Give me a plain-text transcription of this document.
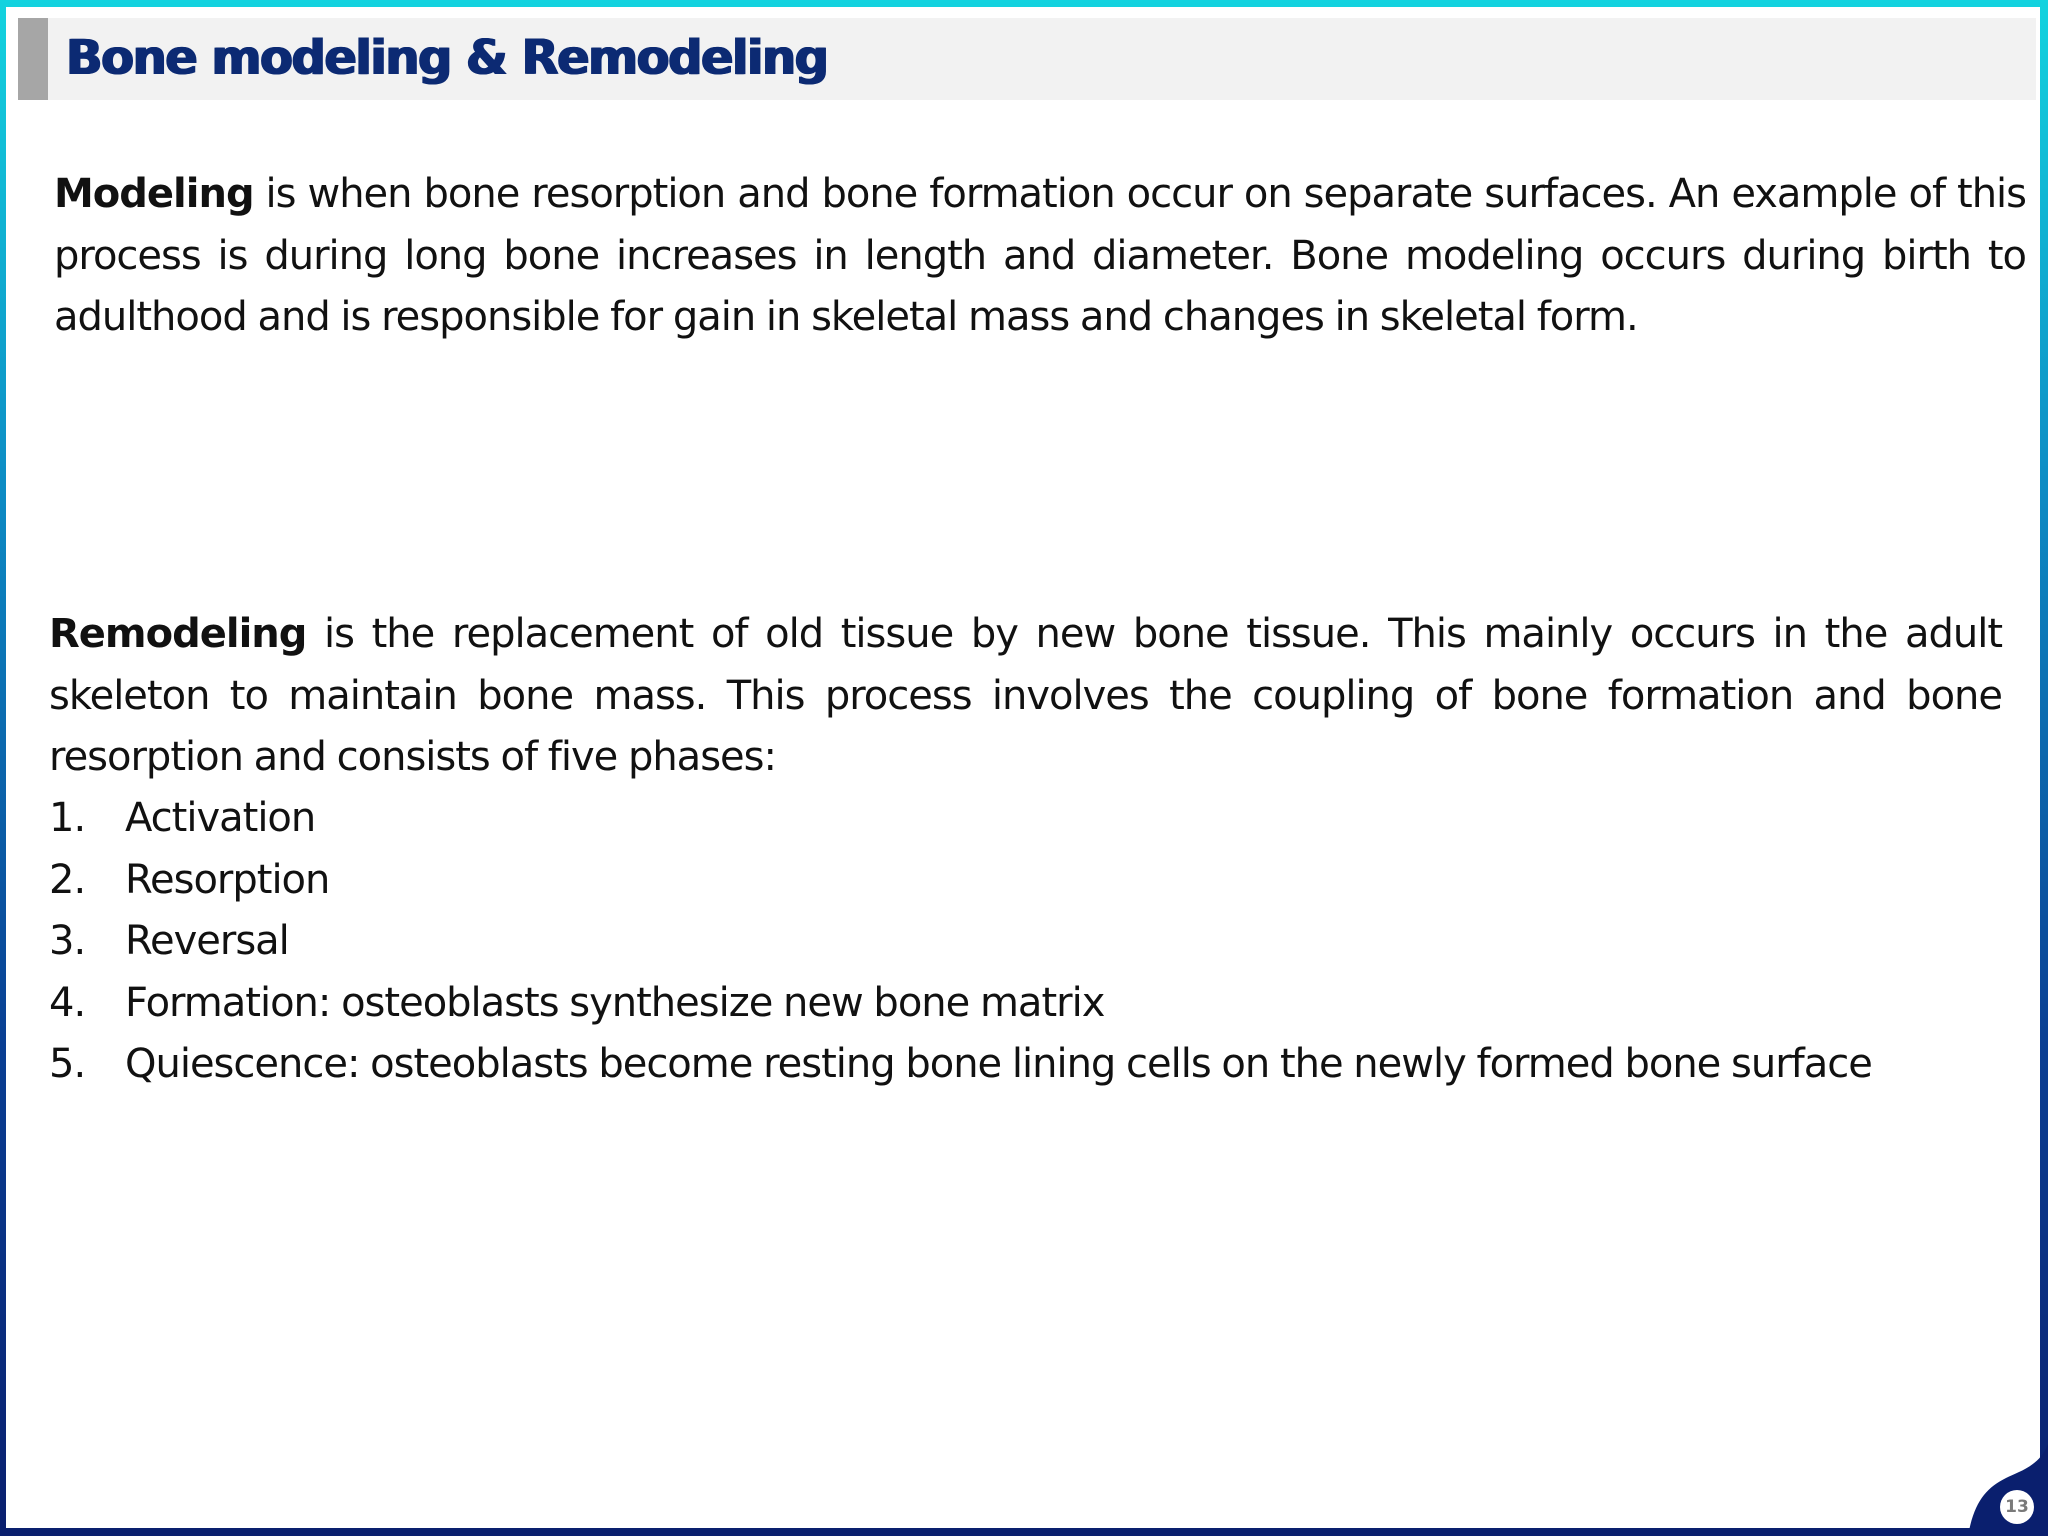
Bone modeling & Remodeling

Modeling is when bone resorption and bone formation occur on separate surfaces. An example of this process is during long bone increases in length and diameter. Bone modeling occurs during birth to adulthood and is responsible for gain in skeletal mass and changes in skeletal form.

Remodeling is the replacement of old tissue by new bone tissue. This mainly occurs in the adult skeleton to maintain bone mass. This process involves the coupling of bone formation and bone resorption and consists of five phases:

1. Activation
2. Resorption
3. Reversal
4. Formation: osteoblasts synthesize new bone matrix
5. Quiescence: osteoblasts become resting bone lining cells on the newly formed bone surface
13
